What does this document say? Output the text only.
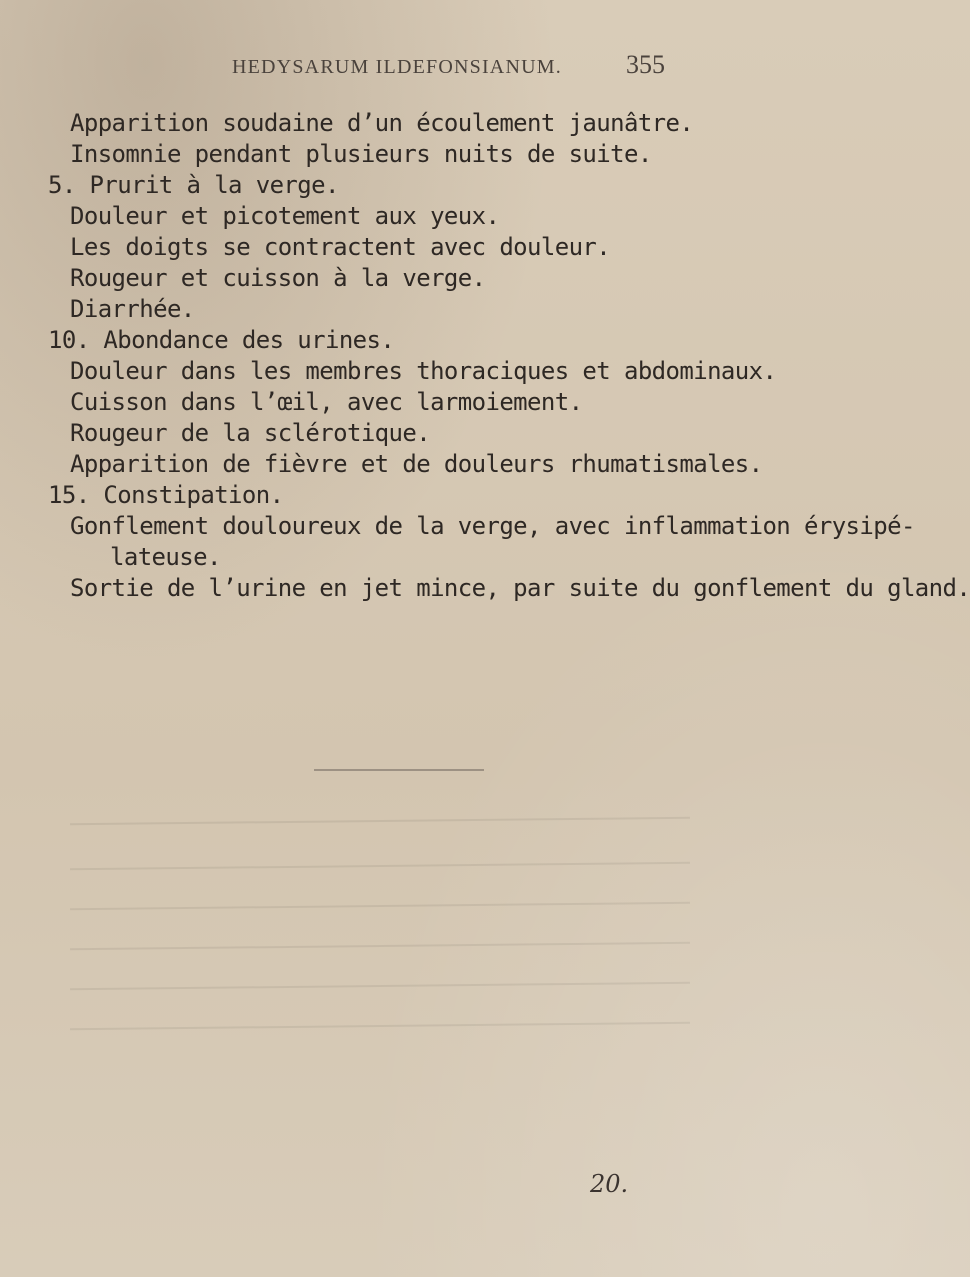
HEDYSARUM ILDEFONSIANUM. 355
Apparition soudaine d’un écoulement jaunâtre.
Insomnie pendant plusieurs nuits de suite.
5. Prurit à la verge.
Douleur et picotement aux yeux.
Les doigts se contractent avec douleur.
Rougeur et cuisson à la verge.
Diarrhée.
10. Abondance des urines.
Douleur dans les membres thoraciques et abdominaux.
Cuisson dans l’œil, avec larmoiement.
Rougeur de la sclérotique.
Apparition de fièvre et de douleurs rhumatismales.
15. Constipation.
Gonflement douloureux de la verge, avec inflammation érysipé-
lateuse.
Sortie de l’urine en jet mince, par suite du gonflement du gland.
20.
